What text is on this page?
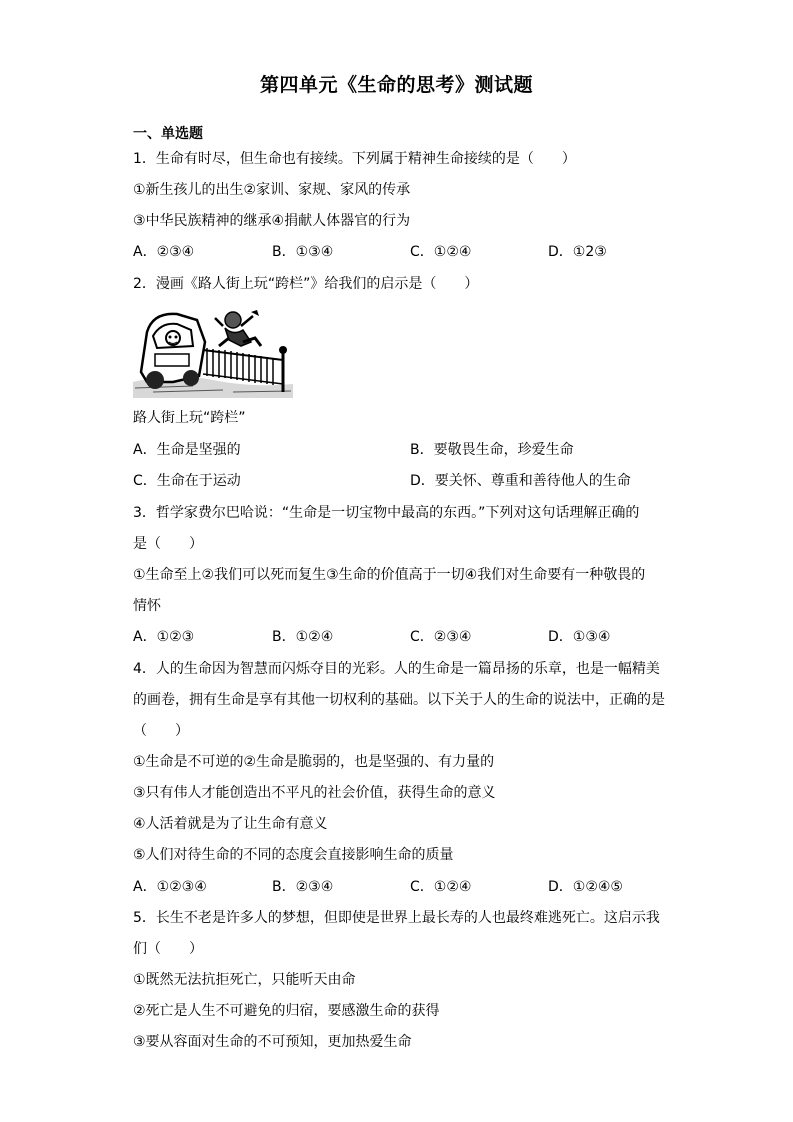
第四单元《生命的思考》测试题
一、单选题
1．生命有时尽，但生命也有接续。下列属于精神生命接续的是（　　）
①新生孩儿的出生②家训、家规、家风的传承
③中华民族精神的继承④捐献人体器官的行为
A．②③④	B．①③④	C．①②④	D．①2③
2．漫画《路人街上玩“跨栏”》给我们的启示是（　　）
路人街上玩“跨栏”
A．生命是坚强的	B．要敬畏生命，珍爱生命
C．生命在于运动	D．要关怀、尊重和善待他人的生命
3．哲学家费尔巴哈说：“生命是一切宝物中最高的东西。”下列对这句话理解正确的
是（　　）
①生命至上②我们可以死而复生③生命的价值高于一切④我们对生命要有一种敬畏的
情怀
A．①②③	B．①②④	C．②③④	D．①③④
4．人的生命因为智慧而闪烁夺目的光彩。人的生命是一篇昂扬的乐章，也是一幅精美
的画卷，拥有生命是享有其他一切权利的基础。以下关于人的生命的说法中，正确的是
（　　）
①生命是不可逆的②生命是脆弱的，也是坚强的、有力量的
③只有伟人才能创造出不平凡的社会价值，获得生命的意义
④人活着就是为了让生命有意义
⑤人们对待生命的不同的态度会直接影响生命的质量
A．①②③④	B．②③④	C．①②④	D．①②④⑤
5．长生不老是许多人的梦想，但即使是世界上最长寿的人也最终难逃死亡。这启示我
们（　　）
①既然无法抗拒死亡，只能听天由命
②死亡是人生不可避免的归宿，要感激生命的获得
③要从容面对生命的不可预知，更加热爱生命
